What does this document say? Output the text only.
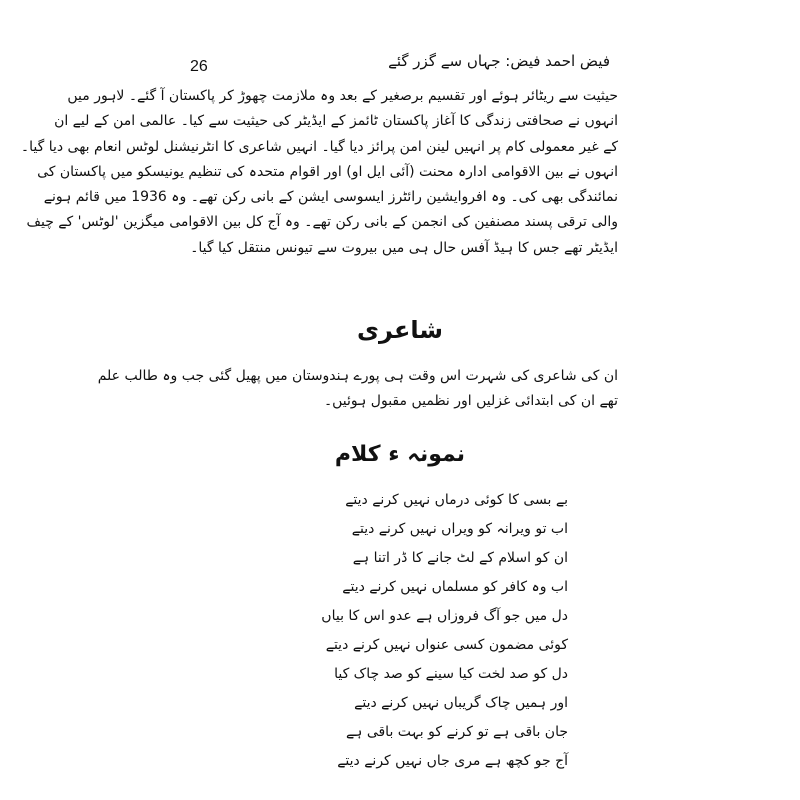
فیض احمد فیض: جہاں سے گزر گئے
26

حیثیت سے ریٹائر ہوئے اور تقسیم برصغیر کے بعد وہ ملازمت چھوڑ کر پاکستان آ گئے۔ لاہور میں
انہوں نے صحافتی زندگی کا آغاز پاکستان ٹائمز کے ایڈیٹر کی حیثیت سے کیا۔ عالمی امن کے لیے ان
کے غیر معمولی کام پر انہیں لینن امن پرائز دیا گیا۔ انہیں شاعری کا انٹرنیشنل لوٹس انعام بھی دیا گیا۔
انہوں نے بین الاقوامی ادارہ محنت (آئی ایل او) اور اقوام متحدہ کی تنظیم یونیسکو میں پاکستان کی
نمائندگی بھی کی۔ وہ افروایشین رائٹرز ایسوسی ایشن کے بانی رکن تھے۔ وہ 1936 میں قائم ہونے
والی ترقی پسند مصنفین کی انجمن کے بانی رکن تھے۔ وہ آج کل بین الاقوامی میگزین 'لوٹس' کے چیف
ایڈیٹر تھے جس کا ہیڈ آفس حال ہی میں بیروت سے تیونس منتقل کیا گیا۔

شاعری

ان کی شاعری کی شہرت اس وقت ہی پورے ہندوستان میں پھیل گئی جب وہ طالب علم
تھے ان کی ابتدائی غزلیں اور نظمیں مقبول ہوئیں۔

نمونہ ء کلام
بے بسی کا کوئی درماں نہیں کرنے دیتے
اب تو ویرانہ کو ویراں نہیں کرنے دیتے
ان کو اسلام کے لٹ جانے کا ڈر اتنا ہے
اب وہ کافر کو مسلماں نہیں کرنے دیتے
دل میں جو آگ فروزاں ہے عدو اس کا بیاں
کوئی مضمون کسی عنواں نہیں کرنے دیتے
دل کو صد لخت کیا سینے کو صد چاک کیا
اور ہمیں چاک گریباں نہیں کرنے دیتے
جان باقی ہے تو کرنے کو بہت باقی ہے
آج جو کچھ ہے مری جاں نہیں کرنے دیتے
